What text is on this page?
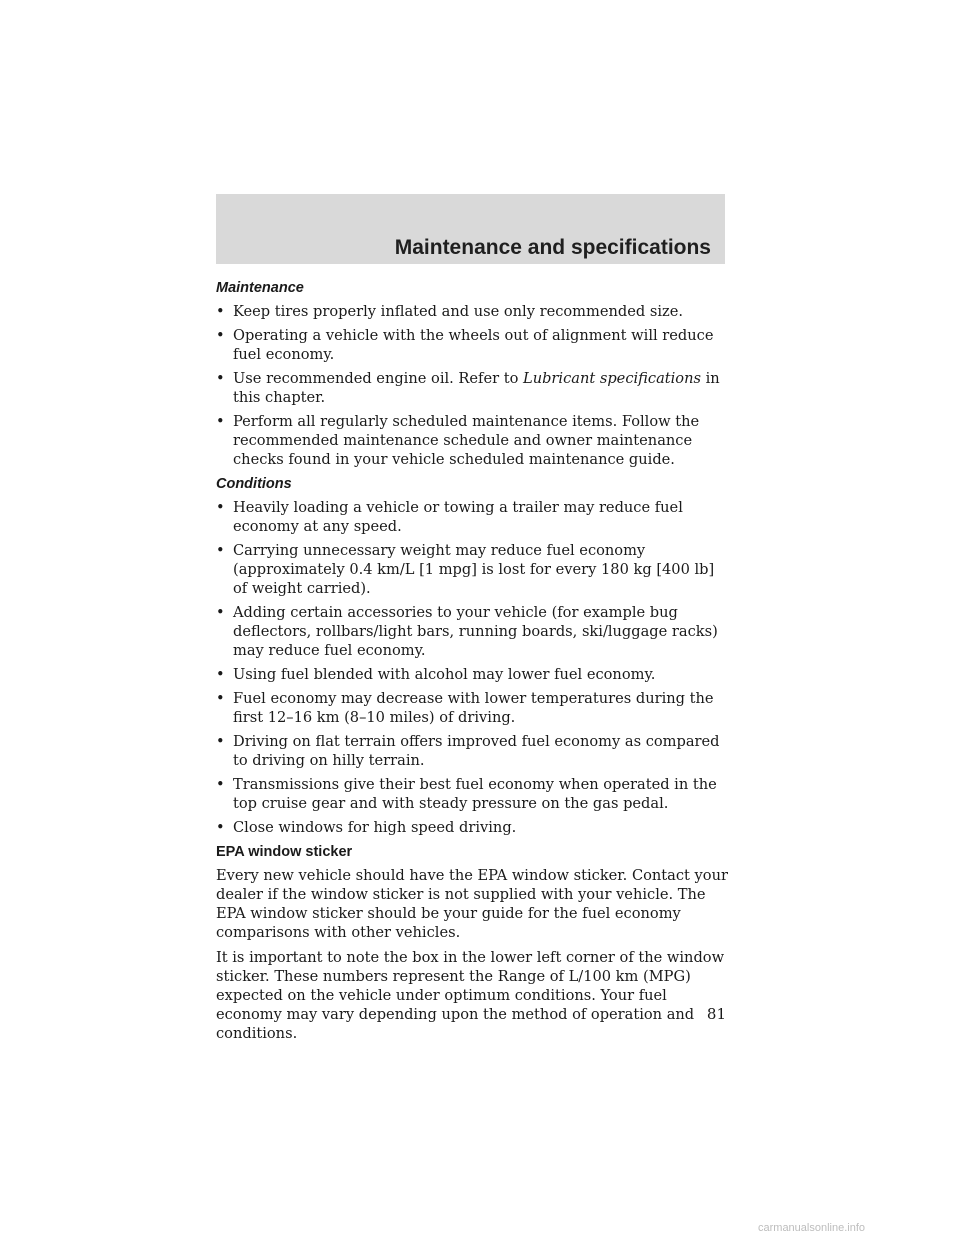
Maintenance and specifications
Maintenance
• Keep tires properly inflated and use only recommended size.
• Operating a vehicle with the wheels out of alignment will reduce fuel economy.
• Use recommended engine oil. Refer to Lubricant specifications in this chapter.
• Perform all regularly scheduled maintenance items. Follow the recommended maintenance schedule and owner maintenance checks found in your vehicle scheduled maintenance guide.
Conditions
• Heavily loading a vehicle or towing a trailer may reduce fuel economy at any speed.
• Carrying unnecessary weight may reduce fuel economy (approximately 0.4 km/L [1 mpg] is lost for every 180 kg [400 lb] of weight carried).
• Adding certain accessories to your vehicle (for example bug deflectors, rollbars/light bars, running boards, ski/luggage racks) may reduce fuel economy.
• Using fuel blended with alcohol may lower fuel economy.
• Fuel economy may decrease with lower temperatures during the first 12–16 km (8–10 miles) of driving.
• Driving on flat terrain offers improved fuel economy as compared to driving on hilly terrain.
• Transmissions give their best fuel economy when operated in the top cruise gear and with steady pressure on the gas pedal.
• Close windows for high speed driving.
EPA window sticker

Every new vehicle should have the EPA window sticker. Contact your dealer if the window sticker is not supplied with your vehicle. The EPA window sticker should be your guide for the fuel economy comparisons with other vehicles.

It is important to note the box in the lower left corner of the window sticker. These numbers represent the Range of L/100 km (MPG) expected on the vehicle under optimum conditions. Your fuel economy may vary depending upon the method of operation and conditions.

81

carmanualsonline.info
